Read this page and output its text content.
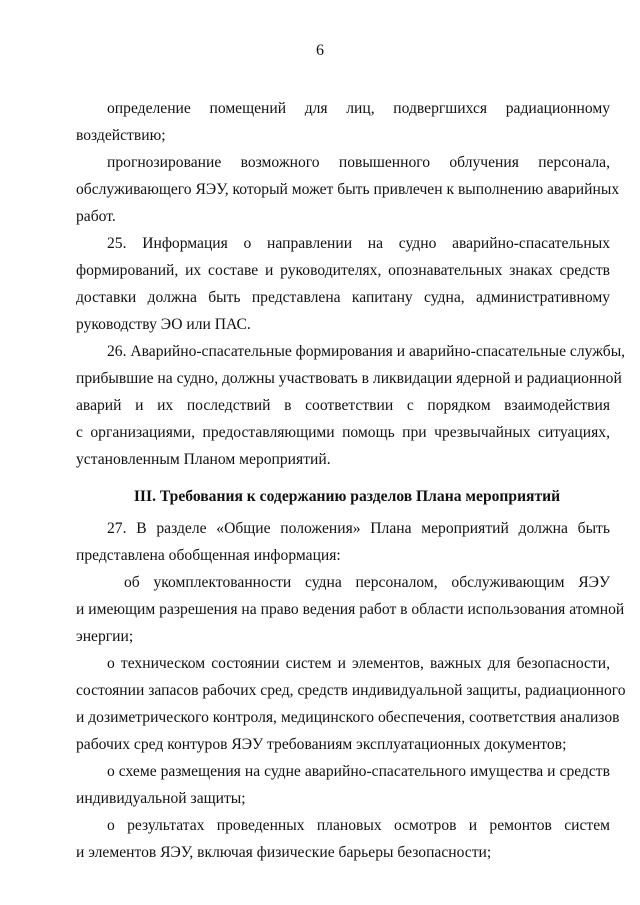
6
определение помещений для лиц, подвергшихся радиационному
воздействию;
прогнозирование возможного повышенного облучения персонала,
обслуживающего ЯЭУ, который может быть привлечен к выполнению аварийных
работ.
25. Информация о направлении на судно аварийно-спасательных
формирований, их составе и руководителях, опознавательных знаках средств
доставки должна быть представлена капитану судна, административному
руководству ЭО или ПАС.
26. Аварийно-спасательные формирования и аварийно-спасательные службы,
прибывшие на судно, должны участвовать в ликвидации ядерной и радиационной
аварий и их последствий в соответствии с порядком взаимодействия
с организациями, предоставляющими помощь при чрезвычайных ситуациях,
установленным Планом мероприятий.
III. Требования к содержанию разделов Плана мероприятий
27. В разделе «Общие положения» Плана мероприятий должна быть
представлена обобщенная информация:
об укомплектованности судна персоналом, обслуживающим ЯЭУ
и имеющим разрешения на право ведения работ в области использования атомной
энергии;
о техническом состоянии систем и элементов, важных для безопасности,
состоянии запасов рабочих сред, средств индивидуальной защиты, радиационного
и дозиметрического контроля, медицинского обеспечения, соответствия анализов
рабочих сред контуров ЯЭУ требованиям эксплуатационных документов;
о схеме размещения на судне аварийно-спасательного имущества и средств
индивидуальной защиты;
о результатах проведенных плановых осмотров и ремонтов систем
и элементов ЯЭУ, включая физические барьеры безопасности;
